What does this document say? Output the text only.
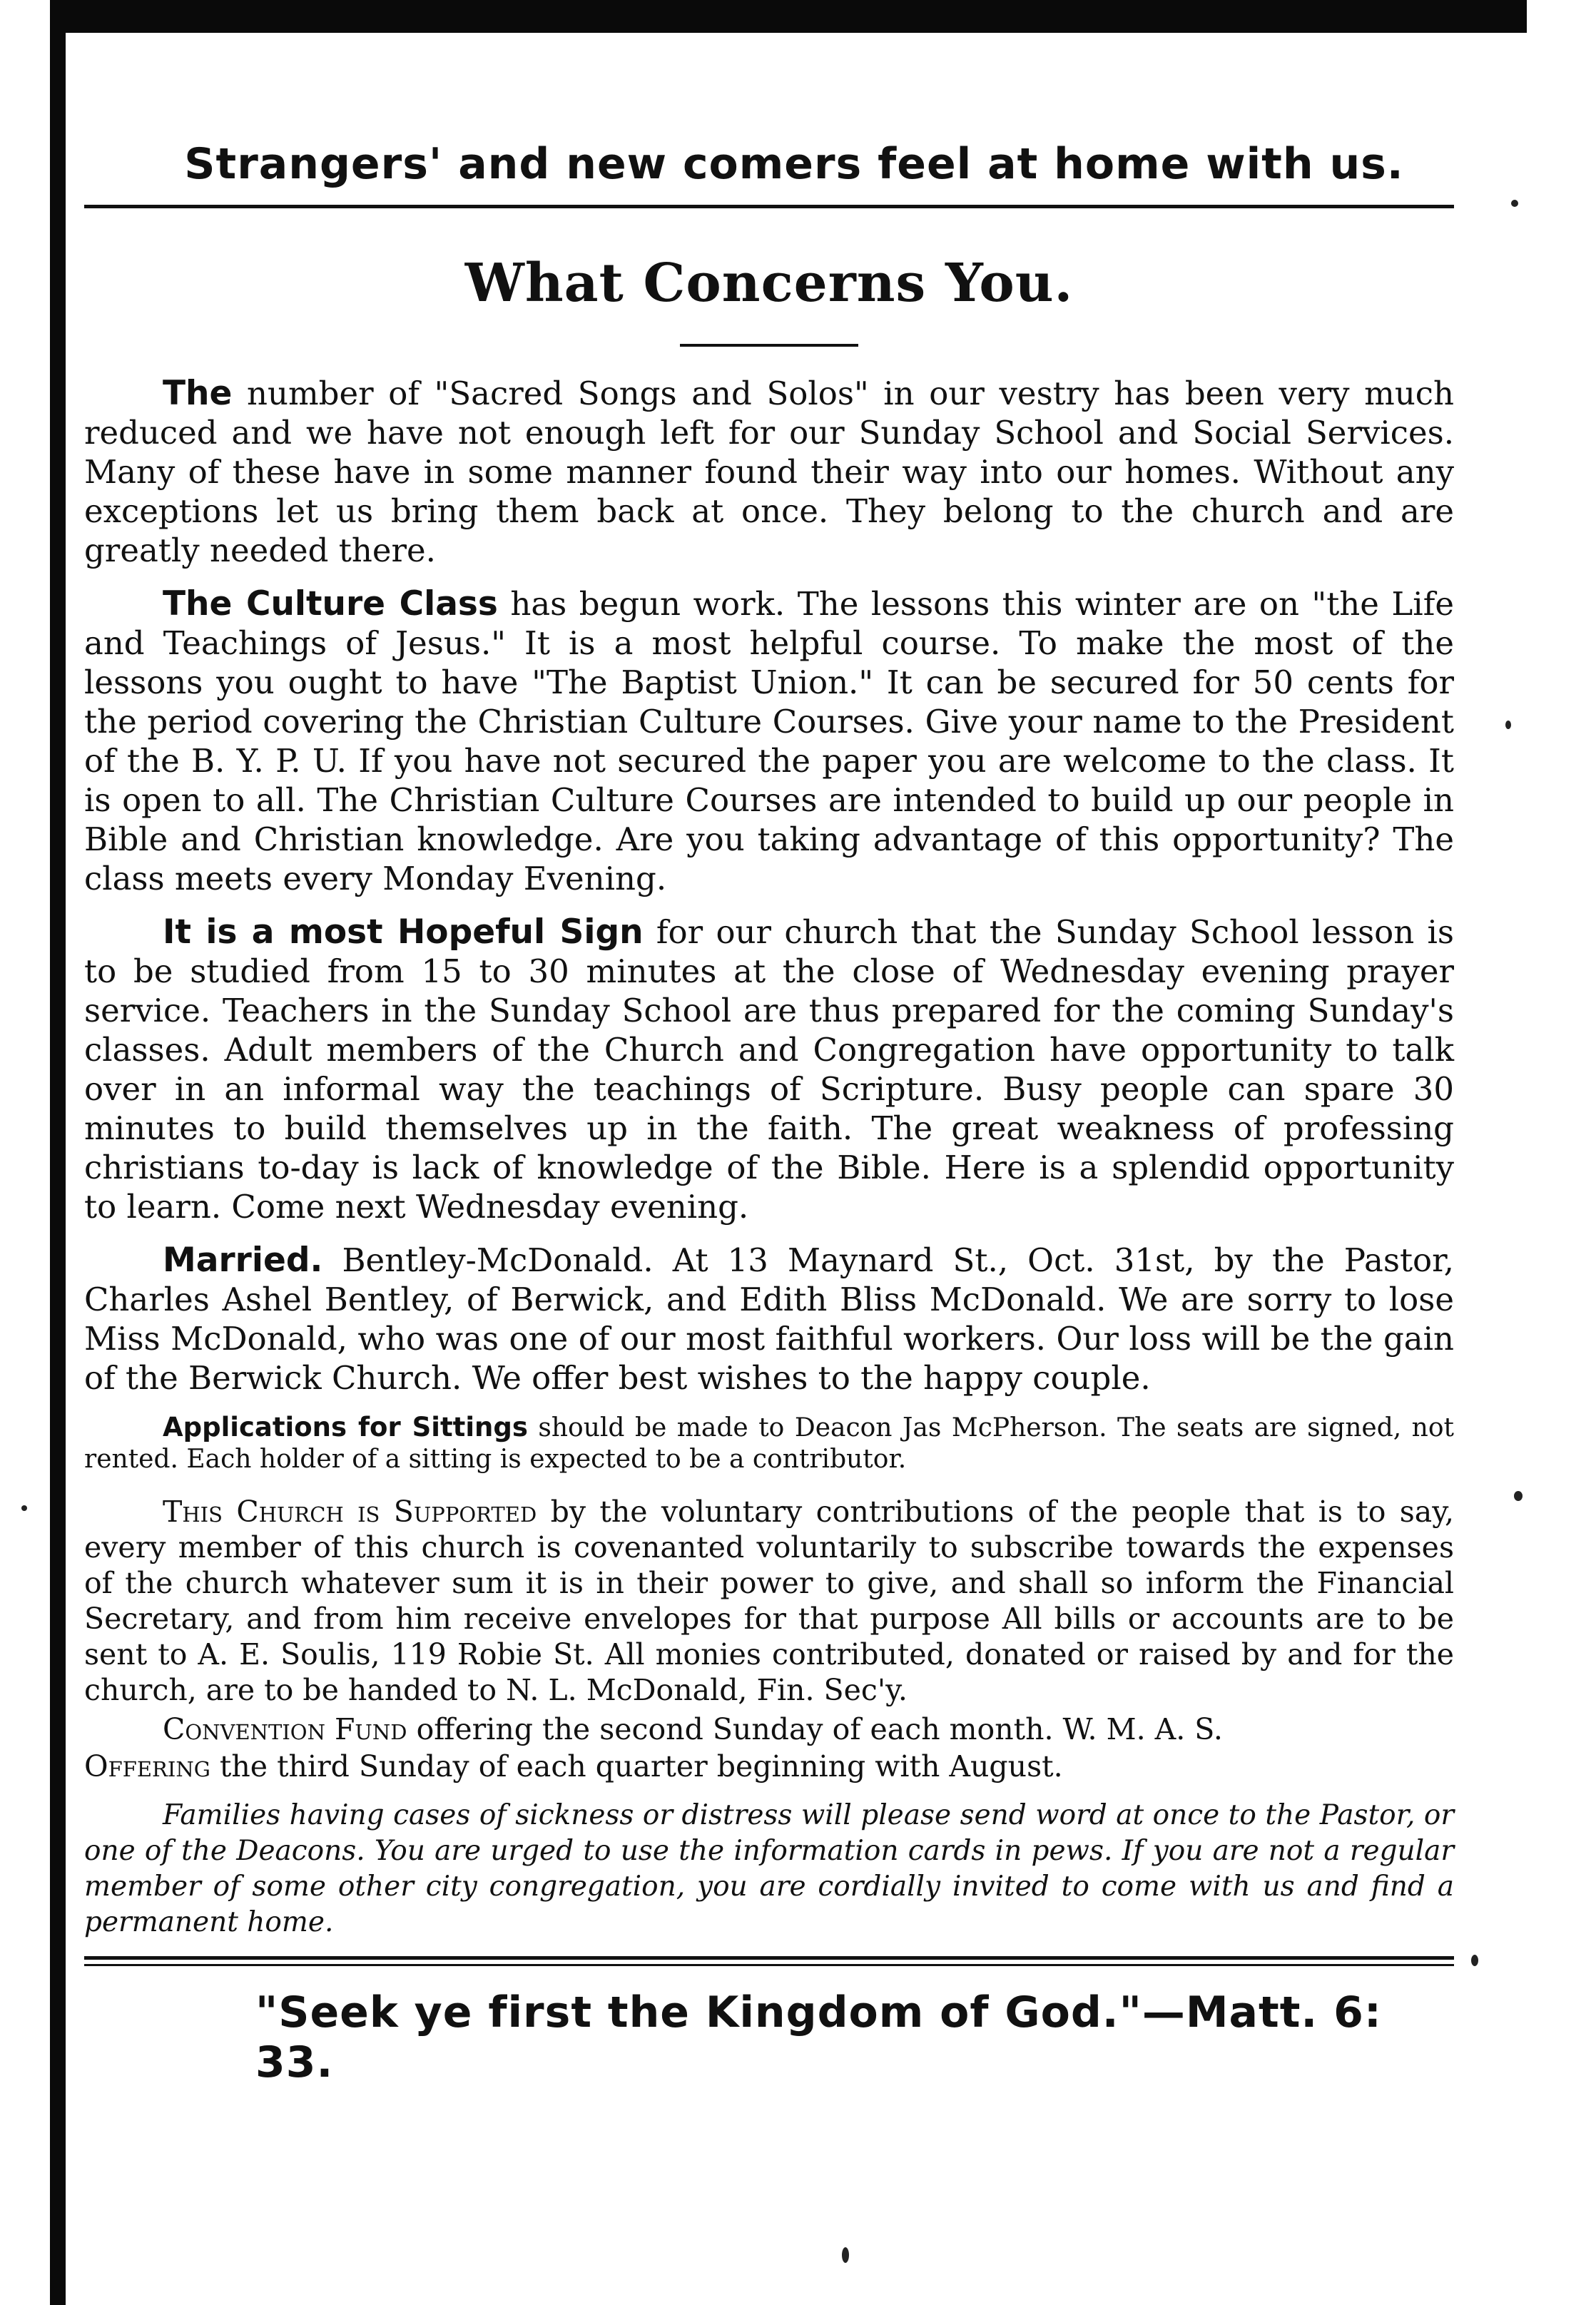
Strangers' and new comers feel at home with us.

What Concerns You.

The number of "Sacred Songs and Solos" in our vestry has been very much reduced and we have not enough left for our Sunday School and Social Services. Many of these have in some manner found their way into our homes. Without any exceptions let us bring them back at once. They belong to the church and are greatly needed there.

The Culture Class has begun work. The lessons this winter are on "the Life and Teachings of Jesus." It is a most helpful course. To make the most of the lessons you ought to have "The Baptist Union." It can be secured for 50 cents for the period covering the Christian Culture Courses. Give your name to the President of the B. Y. P. U. If you have not secured the paper you are welcome to the class. It is open to all. The Christian Culture Courses are intended to build up our people in Bible and Christian knowledge. Are you taking advantage of this opportunity? The class meets every Monday Evening.

It is a most Hopeful Sign for our church that the Sunday School lesson is to be studied from 15 to 30 minutes at the close of Wednesday evening prayer service. Teachers in the Sunday School are thus prepared for the coming Sunday's classes. Adult members of the Church and Congregation have opportunity to talk over in an informal way the teachings of Scripture. Busy people can spare 30 minutes to build themselves up in the faith. The great weakness of professing christians to-day is lack of knowledge of the Bible. Here is a splendid opportunity to learn. Come next Wednesday evening.

Married. Bentley-McDonald. At 13 Maynard St., Oct. 31st, by the Pastor, Charles Ashel Bentley, of Berwick, and Edith Bliss McDonald. We are sorry to lose Miss McDonald, who was one of our most faithful workers. Our loss will be the gain of the Berwick Church. We offer best wishes to the happy couple.

Applications for Sittings should be made to Deacon Jas McPherson. The seats are signed, not rented. Each holder of a sitting is expected to be a contributor.

This Church is Supported by the voluntary contributions of the people that is to say, every member of this church is covenanted voluntarily to subscribe towards the expenses of the church whatever sum it is in their power to give, and shall so inform the Financial Secretary, and from him receive envelopes for that purpose All bills or accounts are to be sent to A. E. Soulis, 119 Robie St. All monies contributed, donated or raised by and for the church, are to be handed to N. L. McDonald, Fin. Sec'y.

Convention Fund offering the second Sunday of each month. W. M. A. S.

Offering the third Sunday of each quarter beginning with August.

Families having cases of sickness or distress will please send word at once to the Pastor, or one of the Deacons. You are urged to use the information cards in pews. If you are not a regular member of some other city congregation, you are cordially invited to come with us and find a permanent home.

"Seek ye first the Kingdom of God."—Matt. 6: 33.
